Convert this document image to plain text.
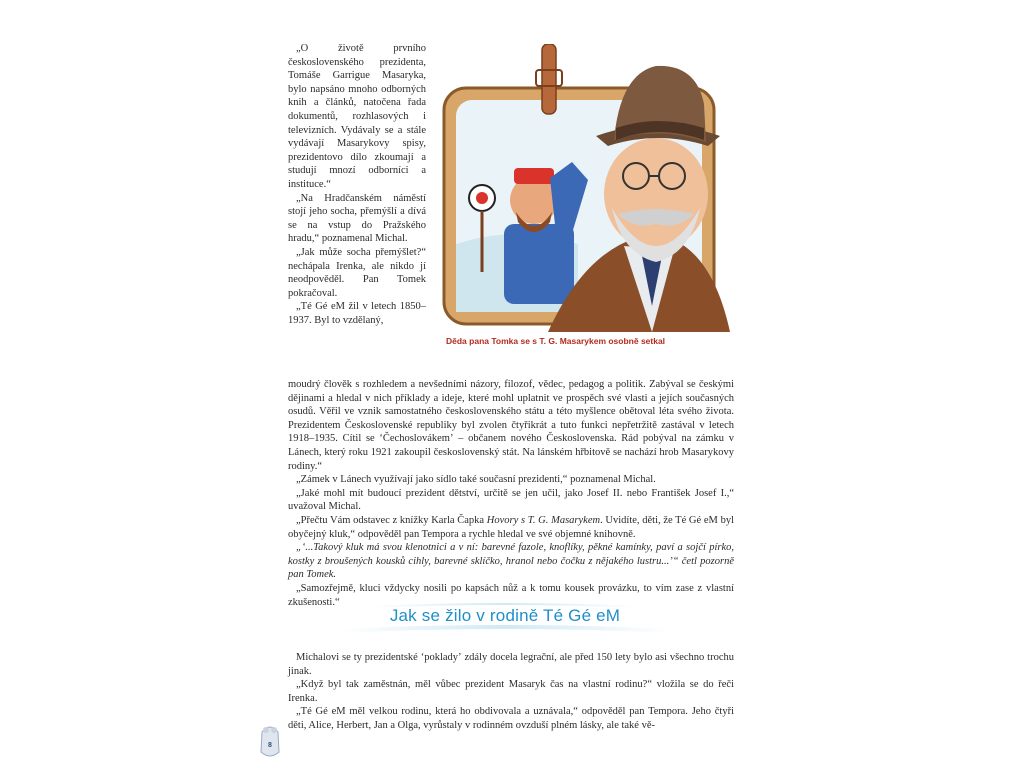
„O životě prvního československého prezidenta, Tomáše Garrigue Masaryka, bylo napsáno mnoho odborných knih a článků, natočena řada dokumentů, rozhlasových i televizních. Vydávaly se a stále vydávají Masarykovy spisy, prezidentovo dílo zkoumají a studují mnozí odborníci a instituce.“

„Na Hradčanském náměstí stojí jeho socha, přemýšlí a dívá se na vstup do Pražského hradu,“ poznamenal Michal.

„Jak může socha přemýšlet?“ nechápala Irenka, ale nikdo jí neodpověděl. Pan Tomek pokračoval.

„Té Gé eM žil v letech 1850–1937. Byl to vzdělaný,

Děda pana Tomka se s T. G. Masarykem osobně setkal

moudrý člověk s rozhledem a nevšedními názory, filozof, vědec, pedagog a politik. Zabýval se českými dějinami a hledal v nich příklady a ideje, které mohl uplatnit ve prospěch své vlasti a jejích současných osudů. Věřil ve vznik samostatného československého státu a této myšlence obětoval léta svého života. Prezidentem Československé republiky byl zvolen čtyřikrát a tuto funkci nepřetržitě zastával v letech 1918–1935. Cítil se ʻČechoslovákemʼ – občanem nového Československa. Rád pobýval na zámku v Lánech, který roku 1921 zakoupil československý stát. Na lánském hřbitově se nachází hrob Masarykovy rodiny.“

„Zámek v Lánech využívají jako sídlo také současní prezidenti,“ poznamenal Michal.

„Jaké mohl mít budoucí prezident dětství, určitě se jen učil, jako Josef II. nebo František Josef I.,“ uvažoval Michal.

„Přečtu Vám odstavec z knížky Karla Čapka Hovory s T. G. Masarykem. Uvidíte, děti, že Té Gé eM byl obyčejný kluk,“ odpověděl pan Tempora a rychle hledal ve své objemné knihovně.

„ʻ...Takový kluk má svou klenotnici a v ní: barevné fazole, knoflíky, pěkné kamínky, paví a sojčí pírko, kostky z broušených kousků cihly, barevné sklíčko, hranol nebo čočku z nějakého lustru...ʼ“ četl pozorně pan Tomek.

„Samozřejmě, kluci vždycky nosili po kapsách nůž a k tomu kousek provázku, to vím zase z vlastní zkušenosti.“

Jak se žilo v rodině Té Gé eM

Michalovi se ty prezidentské ʻpokladyʼ zdály docela legrační, ale před 150 lety bylo asi všechno trochu jinak.

„Když byl tak zaměstnán, měl vůbec prezident Masaryk čas na vlastní rodinu?“ vložila se do řeči Irenka.

„Té Gé eM měl velkou rodinu, která ho obdivovala a uznávala,“ odpověděl pan Tempora. Jeho čtyři děti, Alice, Herbert, Jan a Olga, vyrůstaly v rodinném ovzduší plném lásky, ale také vě-

8
